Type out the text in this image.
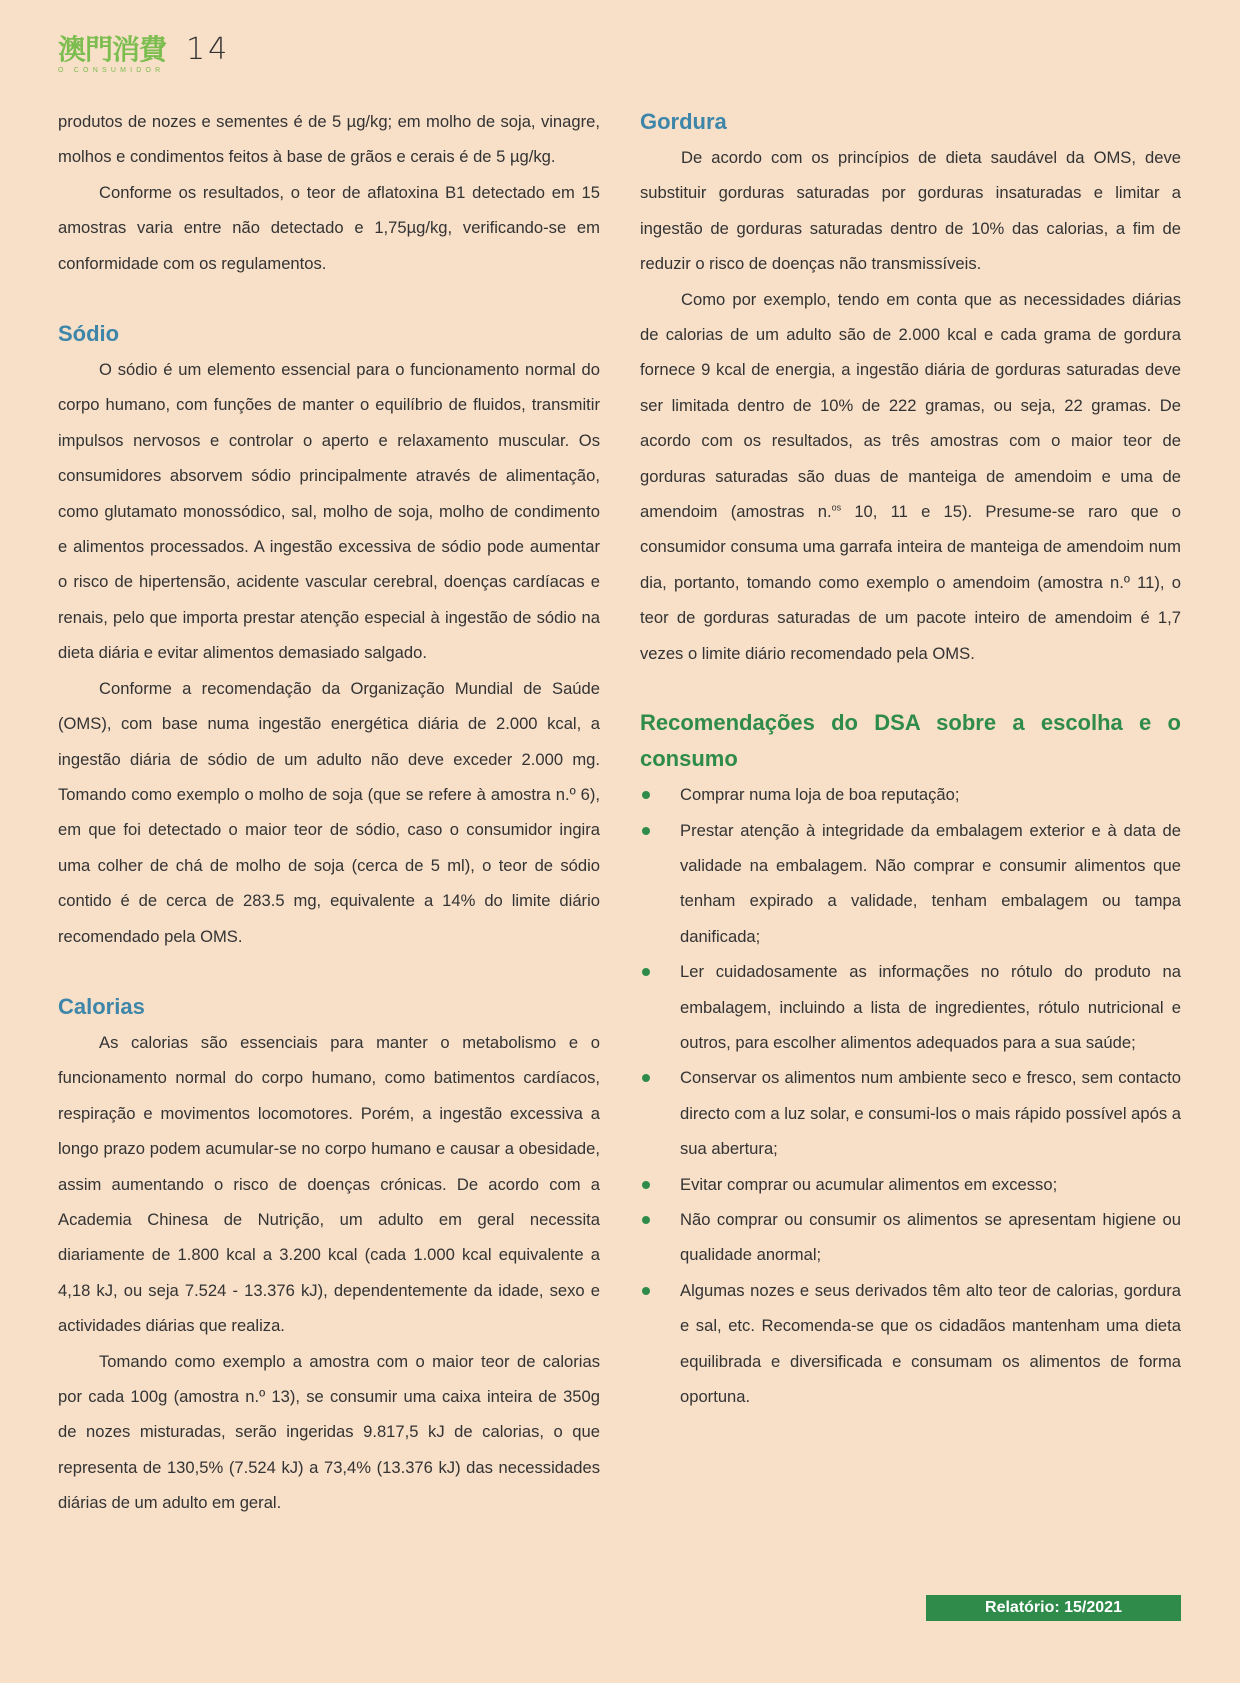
澳門消費
O CONSUMIDOR
14

produtos de nozes e sementes é de 5 µg/kg; em molho de soja, vinagre, molhos e condimentos feitos à base de grãos e cerais é de 5 µg/kg.

Conforme os resultados, o teor de aflatoxina B1 detectado em 15 amostras varia entre não detectado e 1,75µg/kg, verificando-se em conformidade com os regulamentos.

Sódio

O sódio é um elemento essencial para o funcionamento normal do corpo humano, com funções de manter o equilíbrio de fluidos, transmitir impulsos nervosos e controlar o aperto e relaxamento muscular. Os consumidores absorvem sódio principalmente através de alimentação, como glutamato monossódico, sal, molho de soja, molho de condimento e alimentos processados. A ingestão excessiva de sódio pode aumentar o risco de hipertensão, acidente vascular cerebral, doenças cardíacas e renais, pelo que importa prestar atenção especial à ingestão de sódio na dieta diária e evitar alimentos demasiado salgado.

Conforme a recomendação da Organização Mundial de Saúde (OMS), com base numa ingestão energética diária de 2.000 kcal, a ingestão diária de sódio de um adulto não deve exceder 2.000 mg. Tomando como exemplo o molho de soja (que se refere à amostra n.º 6), em que foi detectado o maior teor de sódio, caso o consumidor ingira uma colher de chá de molho de soja (cerca de 5 ml), o teor de sódio contido é de cerca de 283.5 mg, equivalente a 14% do limite diário recomendado pela OMS.

Calorias

As calorias são essenciais para manter o metabolismo e o funcionamento normal do corpo humano, como batimentos cardíacos, respiração e movimentos locomotores. Porém, a ingestão excessiva a longo prazo podem acumular-se no corpo humano e causar a obesidade, assim aumentando o risco de doenças crónicas. De acordo com a Academia Chinesa de Nutrição, um adulto em geral necessita diariamente de 1.800 kcal a 3.200 kcal (cada 1.000 kcal equivalente a 4,18 kJ, ou seja 7.524 - 13.376 kJ), dependentemente da idade, sexo e actividades diárias que realiza.

Tomando como exemplo a amostra com o maior teor de calorias por cada 100g (amostra n.º 13), se consumir uma caixa inteira de 350g de nozes misturadas, serão ingeridas 9.817,5 kJ de calorias, o que representa de 130,5% (7.524 kJ) a 73,4% (13.376 kJ) das necessidades diárias de um adulto em geral.

Gordura

De acordo com os princípios de dieta saudável da OMS, deve substituir gorduras saturadas por gorduras insaturadas e limitar a ingestão de gorduras saturadas dentro de 10% das calorias, a fim de reduzir o risco de doenças não transmissíveis.

Como por exemplo, tendo em conta que as necessidades diárias de calorias de um adulto são de 2.000 kcal e cada grama de gordura fornece 9 kcal de energia, a ingestão diária de gorduras saturadas deve ser limitada dentro de 10% de 222 gramas, ou seja, 22 gramas. De acordo com os resultados, as três amostras com o maior teor de gorduras saturadas são duas de manteiga de amendoim e uma de amendoim (amostras n.$^{os}$ 10, 11 e 15). Presume-se raro que o consumidor consuma uma garrafa inteira de manteiga de amendoim num dia, portanto, tomando como exemplo o amendoim (amostra n.º 11), o teor de gorduras saturadas de um pacote inteiro de amendoim é 1,7 vezes o limite diário recomendado pela OMS.

Recomendações do DSA sobre a escolha e o consumo
Comprar numa loja de boa reputação;
Prestar atenção à integridade da embalagem exterior e à data de validade na embalagem. Não comprar e consumir alimentos que tenham expirado a validade, tenham embalagem ou tampa danificada;
Ler cuidadosamente as informações no rótulo do produto na embalagem, incluindo a lista de ingredientes, rótulo nutricional e outros, para escolher alimentos adequados para a sua saúde;
Conservar os alimentos num ambiente seco e fresco, sem contacto directo com a luz solar, e consumi-los o mais rápido possível após a sua abertura;
Evitar comprar ou acumular alimentos em excesso;
Não comprar ou consumir os alimentos se apresentam higiene ou qualidade anormal;
Algumas nozes e seus derivados têm alto teor de calorias, gordura e sal, etc. Recomenda-se que os cidadãos mantenham uma dieta equilibrada e diversificada e consumam os alimentos de forma oportuna.
Relatório: 15/2021
